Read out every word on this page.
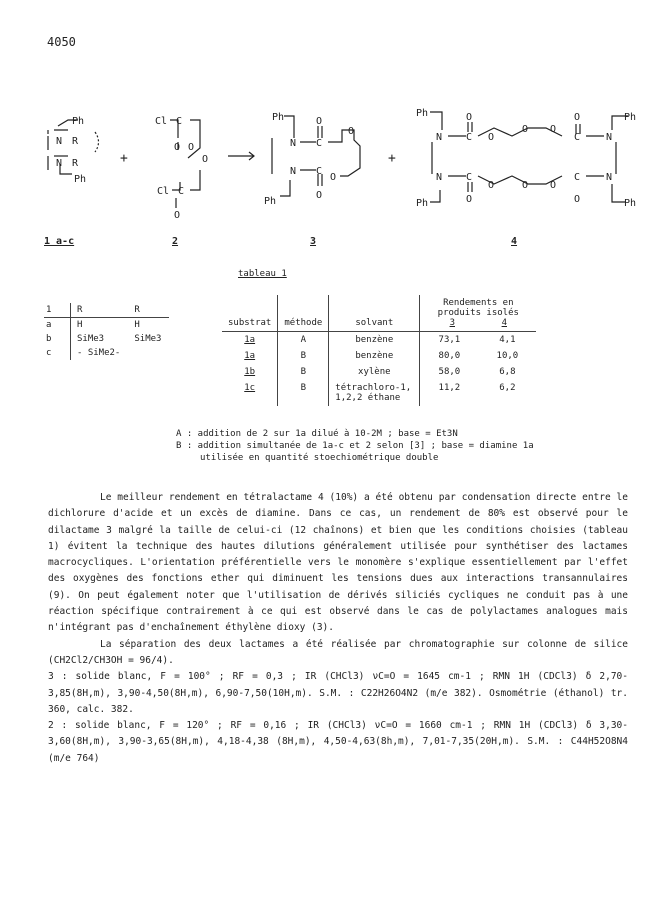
4050
Ph
N R
N R
Ph
+
Cl C
O O
O
Cl C
O
Ph
N C
O
O
N C
O
O
Ph
+
Ph
N C
O
O
O O
C
O
N
Ph
N C
O
O	O O
C
O
N
Ph
Ph
1 a-c	2	3	4
tableau 1
1	R	R
a	H	H
b	SiMe3	SiMe3
c	- SiMe2-	
substrat	méthode	solvant	Rendements en produits isolés
3 4	

1a	A	benzène	73,1	4,1
1a	B	benzène	80,0	10,0
1b	B	xylène	58,0	6,8
1c	B	tétrachloro-1, 1,2,2 éthane	11,2	6,2
A : addition de 2 sur 1a dilué à 10-2M ; base = Et3N
B : addition simultanée de 1a-c et 2 selon [3] ; base = diamine 1a
utilisée en quantité stoechiométrique double

Le meilleur rendement en tétralactame 4 (10%) a été obtenu par condensation directe entre le dichlorure d'acide et un excès de diamine. Dans ce cas, un rendement de 80% est observé pour le dilactame 3 malgré la taille de celui-ci (12 chaînons) et bien que les conditions choisies (tableau 1) évitent la technique des hautes dilutions généralement utilisée pour synthétiser des lactames macrocycliques. L'orientation préférentielle vers le monomère s'explique essentiellement par l'effet des oxygènes des fonctions ether qui diminuent les tensions dues aux interactions transannulaires (9). On peut également noter que l'utilisation de dérivés siliciés cycliques ne conduit pas à une réaction spécifique contrairement à ce qui est observé dans le cas de polylactames analogues mais n'intégrant pas d'enchaînement éthylène dioxy (3).

La séparation des deux lactames a été réalisée par chromatographie sur colonne de silice (CH2Cl2/CH3OH = 96/4).

3 : solide blanc, F = 100° ; RF = 0,3 ; IR (CHCl3) νC=O = 1645 cm-1 ; RMN 1H (CDCl3) δ 2,70-3,85(8H,m), 3,90-4,50(8H,m), 6,90-7,50(10H,m). S.M. : C22H26O4N2 (m/e 382). Osmométrie (éthanol) tr. 360, calc. 382.

2 : solide blanc, F = 120° ; RF = 0,16 ; IR (CHCl3) νC=O = 1660 cm-1 ; RMN 1H (CDCl3) δ 3,30-3,60(8H,m), 3,90-3,65(8H,m), 4,18-4,38 (8H,m), 4,50-4,63(8h,m), 7,01-7,35(20H,m). S.M. : C44H52O8N4 (m/e 764)
